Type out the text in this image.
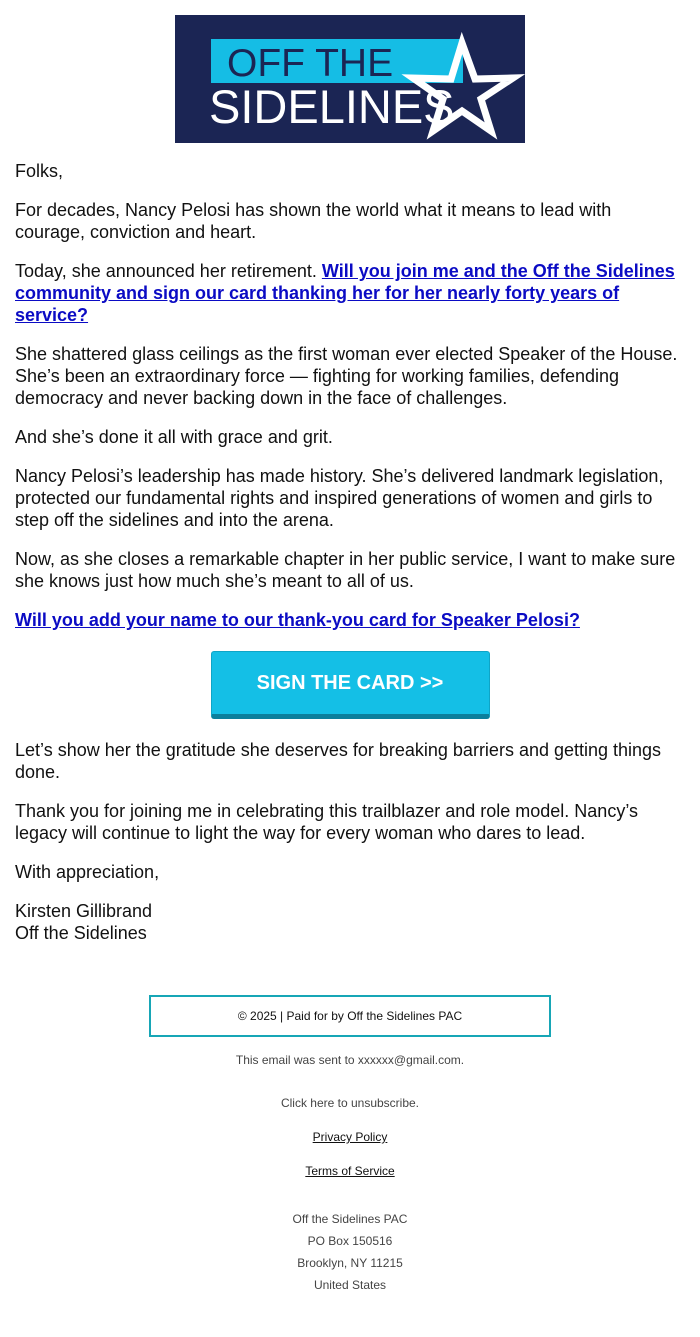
OFF THE
SIDELINES

Folks,

For decades, Nancy Pelosi has shown the world what it means to lead with courage, conviction and heart.

Today, she announced her retirement. Will you join me and the Off the Sidelines community and sign our card thanking her for her nearly forty years of service?

She shattered glass ceilings as the first woman ever elected Speaker of the House. She’s been an extraordinary force — fighting for working families, defending democracy and never backing down in the face of challenges.

And she’s done it all with grace and grit.

Nancy Pelosi’s leadership has made history. She’s delivered landmark legislation, protected our fundamental rights and inspired generations of women and girls to step off the sidelines and into the arena.

Now, as she closes a remarkable chapter in her public service, I want to make sure she knows just how much she’s meant to all of us.

Will you add your name to our thank-you card for Speaker Pelosi?

SIGN THE CARD >>

Let’s show her the gratitude she deserves for breaking barriers and getting things done.

Thank you for joining me in celebrating this trailblazer and role model. Nancy’s legacy will continue to light the way for every woman who dares to lead.

With appreciation,

Kirsten Gillibrand
Off the Sidelines

© 2025 | Paid for by Off the Sidelines PAC
This email was sent to xxxxxx@gmail.com.
Click here to unsubscribe.
Privacy Policy
Terms of Service
Off the Sidelines PAC
PO Box 150516
Brooklyn, NY 11215
United States
